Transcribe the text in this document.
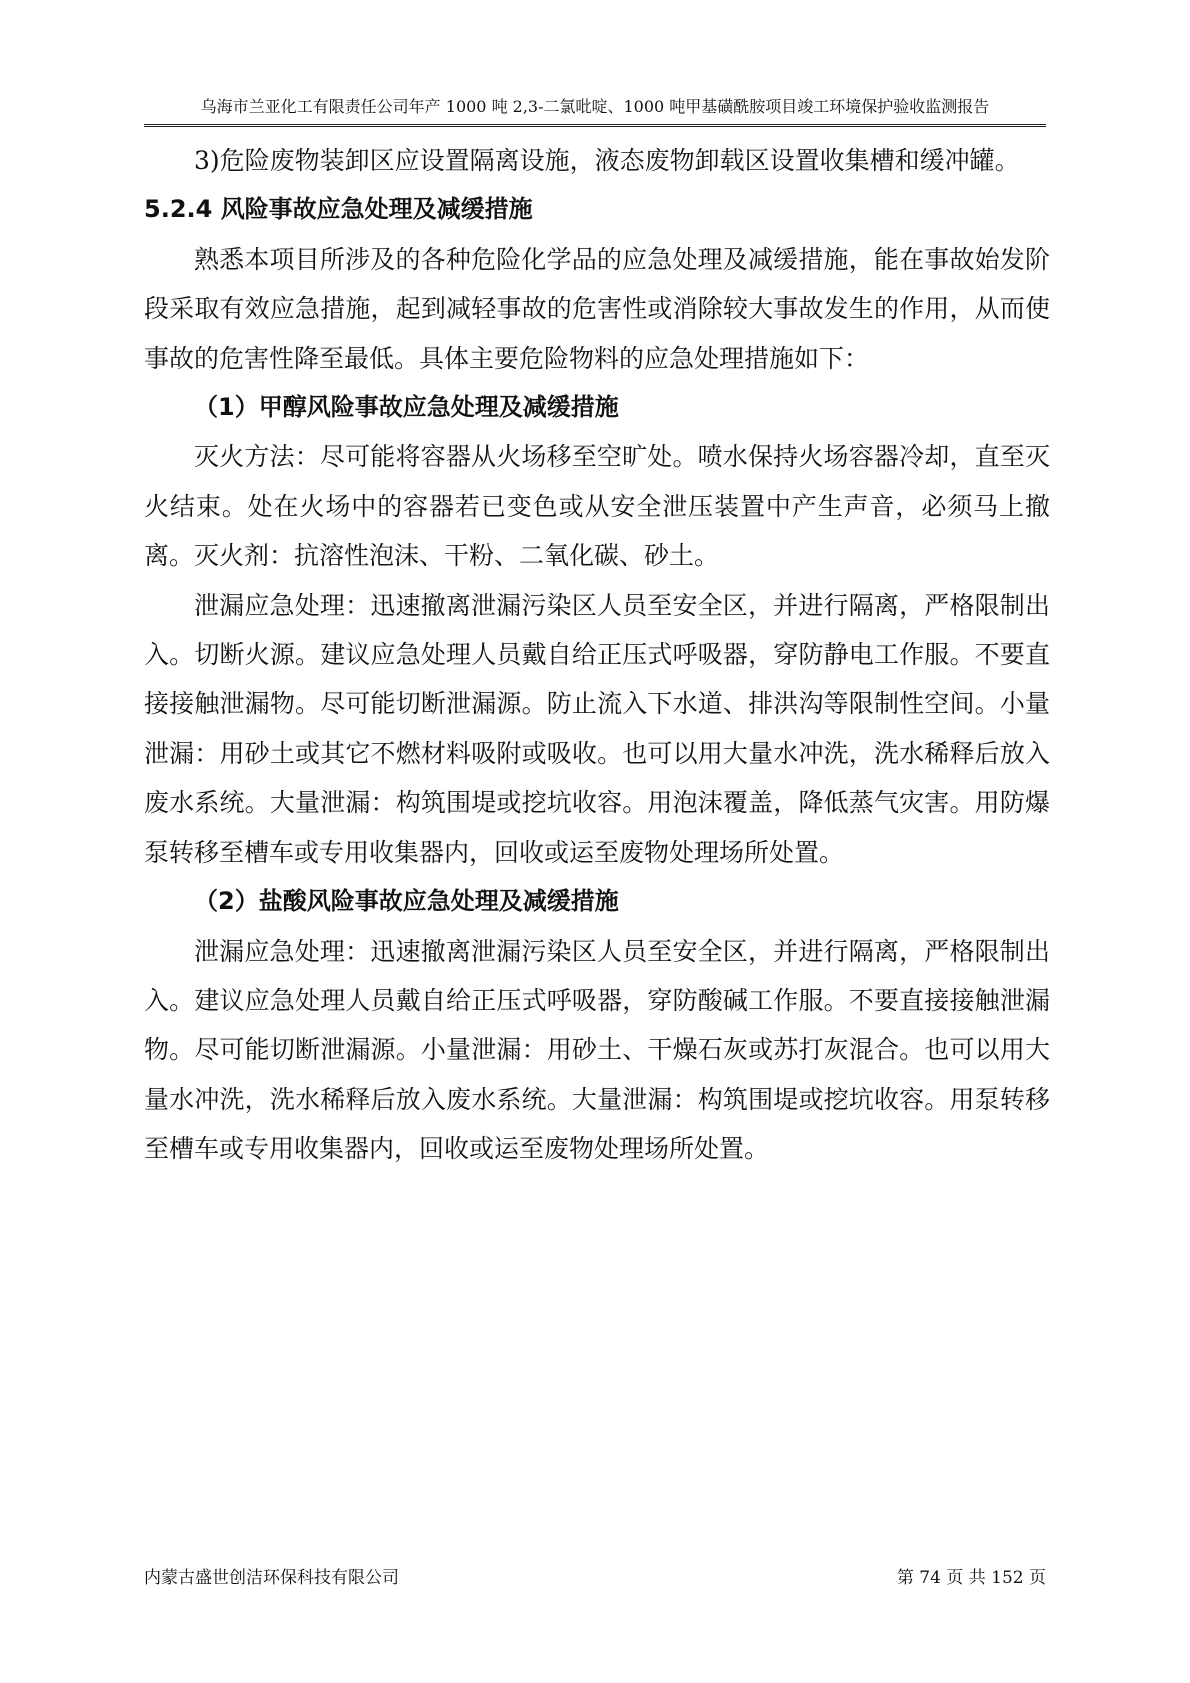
乌海市兰亚化工有限责任公司年产 1000 吨 2,3-二氯吡啶、1000 吨甲基磺酰胺项目竣工环境保护验收监测报告

3)危险废物装卸区应设置隔离设施，液态废物卸载区设置收集槽和缓冲罐。

5.2.4 风险事故应急处理及减缓措施

熟悉本项目所涉及的各种危险化学品的应急处理及减缓措施，能在事故始发阶段采取有效应急措施，起到减轻事故的危害性或消除较大事故发生的作用，从而使事故的危害性降至最低。具体主要危险物料的应急处理措施如下：

（1）甲醇风险事故应急处理及减缓措施

灭火方法：尽可能将容器从火场移至空旷处。喷水保持火场容器冷却，直至灭火结束。处在火场中的容器若已变色或从安全泄压装置中产生声音，必须马上撤离。灭火剂：抗溶性泡沫、干粉、二氧化碳、砂土。

泄漏应急处理：迅速撤离泄漏污染区人员至安全区，并进行隔离，严格限制出入。切断火源。建议应急处理人员戴自给正压式呼吸器，穿防静电工作服。不要直接接触泄漏物。尽可能切断泄漏源。防止流入下水道、排洪沟等限制性空间。小量泄漏：用砂土或其它不燃材料吸附或吸收。也可以用大量水冲洗，洗水稀释后放入废水系统。大量泄漏：构筑围堤或挖坑收容。用泡沫覆盖，降低蒸气灾害。用防爆泵转移至槽车或专用收集器内，回收或运至废物处理场所处置。

（2）盐酸风险事故应急处理及减缓措施

泄漏应急处理：迅速撤离泄漏污染区人员至安全区，并进行隔离，严格限制出入。建议应急处理人员戴自给正压式呼吸器，穿防酸碱工作服。不要直接接触泄漏物。尽可能切断泄漏源。小量泄漏：用砂土、干燥石灰或苏打灰混合。也可以用大量水冲洗，洗水稀释后放入废水系统。大量泄漏：构筑围堤或挖坑收容。用泵转移至槽车或专用收集器内，回收或运至废物处理场所处置。

内蒙古盛世创洁环保科技有限公司	第 74 页 共 152 页
